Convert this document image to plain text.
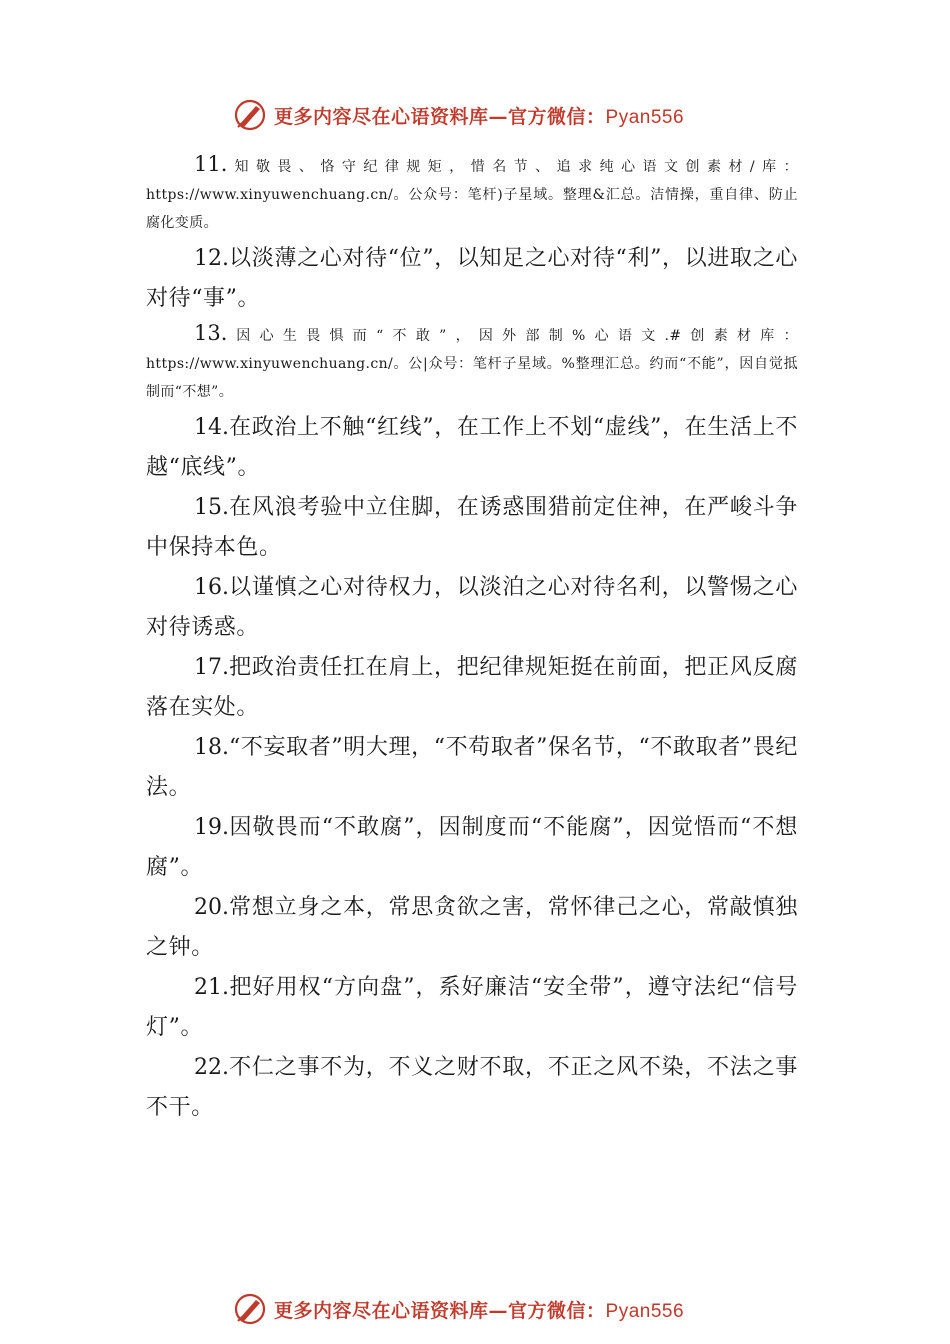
更多内容尽在心语资料库—官方微信：Pyan556

11.知敬畏、恪守纪律规矩，惜名节、追求纯心语文创素材/库：https://www.xinyuwenchuang.cn/。公众号：笔杆)子星域。整理&汇总。洁情操，重自律、防止腐化变质。

12.以淡薄之心对待“位”，以知足之心对待“利”，以进取之心对待“事”。

13.因心生畏惧而“不敢”，因外部制%心语文.#创素材库：https://www.xinyuwenchuang.cn/。公|众号：笔杆子星域。%整理汇总。约而“不能”，因自觉抵制而“不想”。

14.在政治上不触“红线”，在工作上不划“虚线”，在生活上不越“底线”。

15.在风浪考验中立住脚，在诱惑围猎前定住神，在严峻斗争中保持本色。

16.以谨慎之心对待权力，以淡泊之心对待名利，以警惕之心对待诱惑。

17.把政治责任扛在肩上，把纪律规矩挺在前面，把正风反腐落在实处。

18.“不妄取者”明大理，“不苟取者”保名节，“不敢取者”畏纪法。

19.因敬畏而“不敢腐”，因制度而“不能腐”，因觉悟而“不想腐”。

20.常想立身之本，常思贪欲之害，常怀律己之心，常敲慎独之钟。

21.把好用权“方向盘”，系好廉洁“安全带”，遵守法纪“信号灯”。

22.不仁之事不为，不义之财不取，不正之风不染，不法之事不干。

更多内容尽在心语资料库—官方微信：Pyan556
